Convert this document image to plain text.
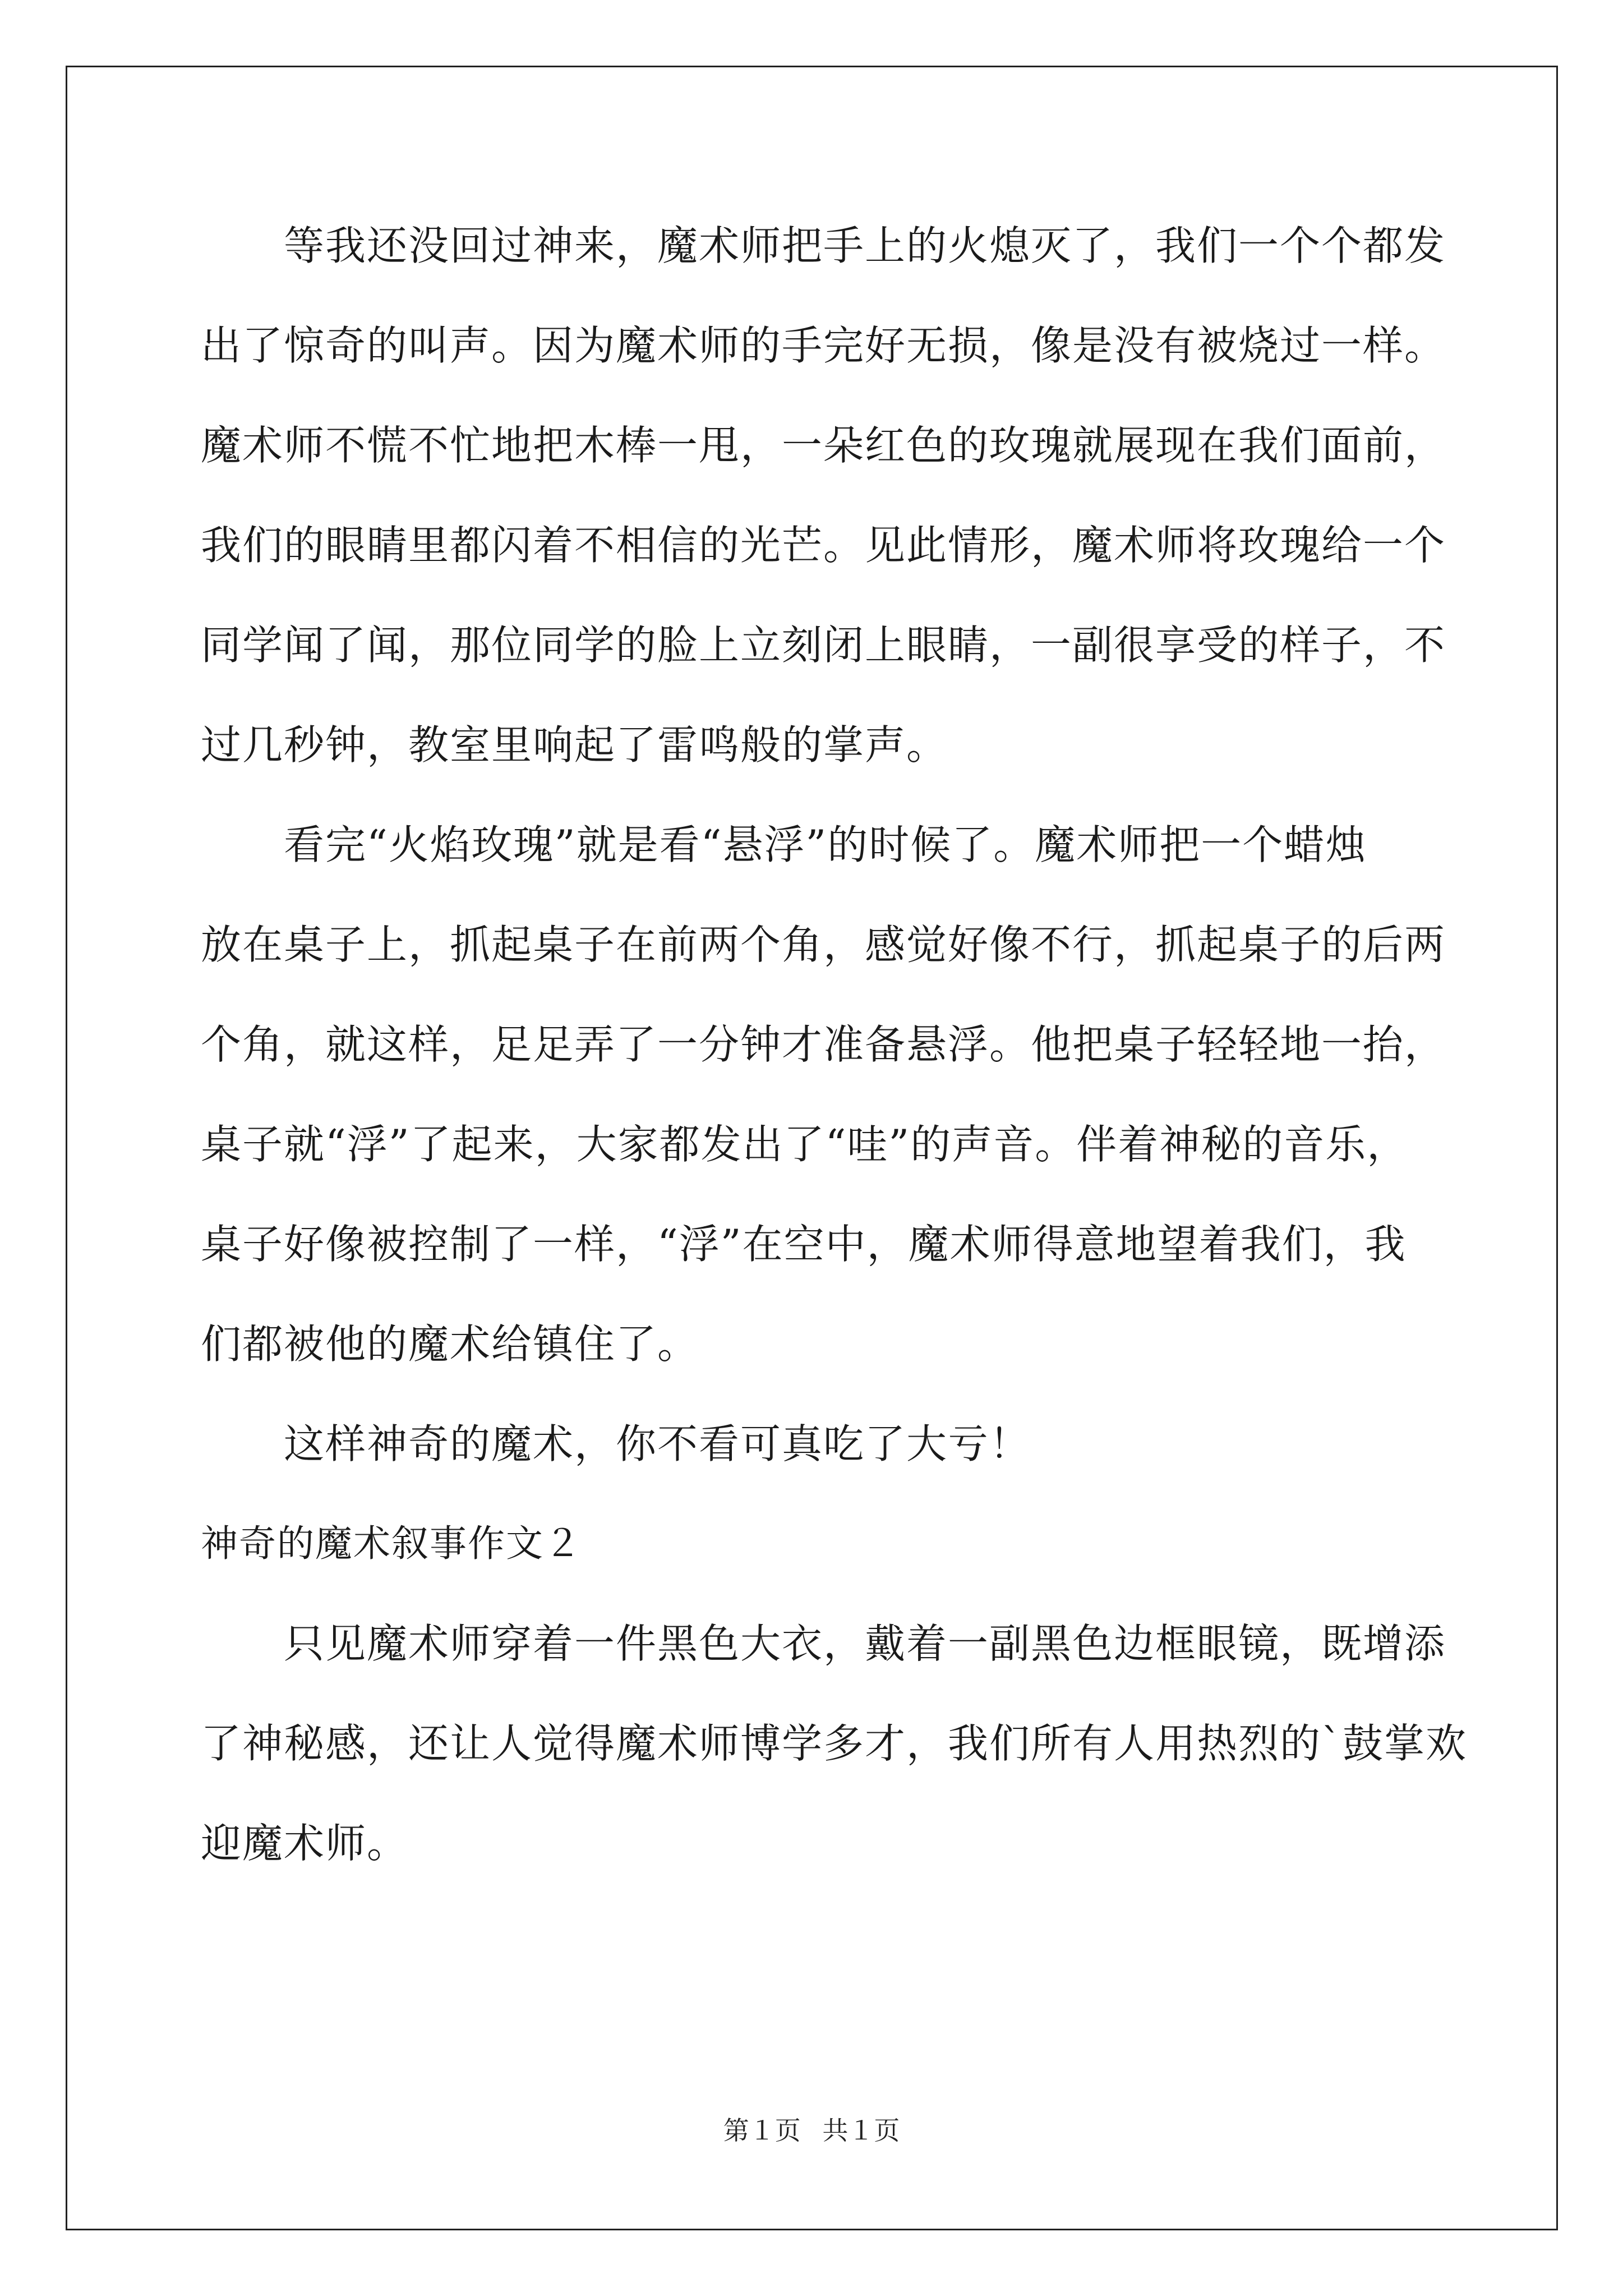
等我还没回过神来，魔术师把手上的火熄灭了，我们一个个都发
出了惊奇的叫声。因为魔术师的手完好无损，像是没有被烧过一样。
魔术师不慌不忙地把木棒一甩，一朵红色的玫瑰就展现在我们面前，
我们的眼睛里都闪着不相信的光芒。见此情形，魔术师将玫瑰给一个
同学闻了闻，那位同学的脸上立刻闭上眼睛，一副很享受的样子，不
过几秒钟，教室里响起了雷鸣般的掌声。
看完“火焰玫瑰”就是看“悬浮”的时候了。魔术师把一个蜡烛
放在桌子上，抓起桌子在前两个角，感觉好像不行，抓起桌子的后两
个角，就这样，足足弄了一分钟才准备悬浮。他把桌子轻轻地一抬，
桌子就“浮”了起来，大家都发出了“哇”的声音。伴着神秘的音乐，
桌子好像被控制了一样，“浮”在空中，魔术师得意地望着我们，我
们都被他的魔术给镇住了。
这样神奇的魔术，你不看可真吃了大亏！
神奇的魔术叙事作文２
只见魔术师穿着一件黑色大衣，戴着一副黑色边框眼镜，既增添
了神秘感，还让人觉得魔术师博学多才，我们所有人用热烈的`鼓掌欢
迎魔术师。
第１页 共１页
